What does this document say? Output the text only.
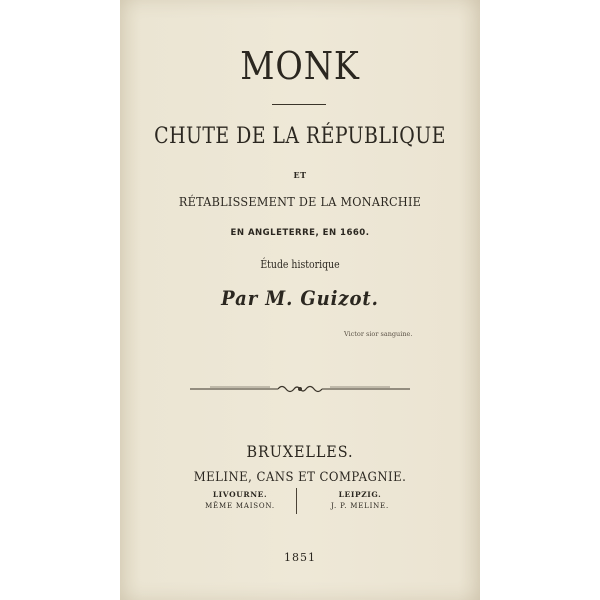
MONK
CHUTE DE LA RÉPUBLIQUE
ET
RÉTABLISSEMENT DE LA MONARCHIE
EN ANGLETERRE, EN 1660.
Étude historique
Par M. Guizot.
Victor sior sanguine.
BRUXELLES.
MELINE, CANS ET COMPAGNIE.
LIVOURNE.
MÊME MAISON.
LEIPZIG.
J. P. MELINE.
1851
